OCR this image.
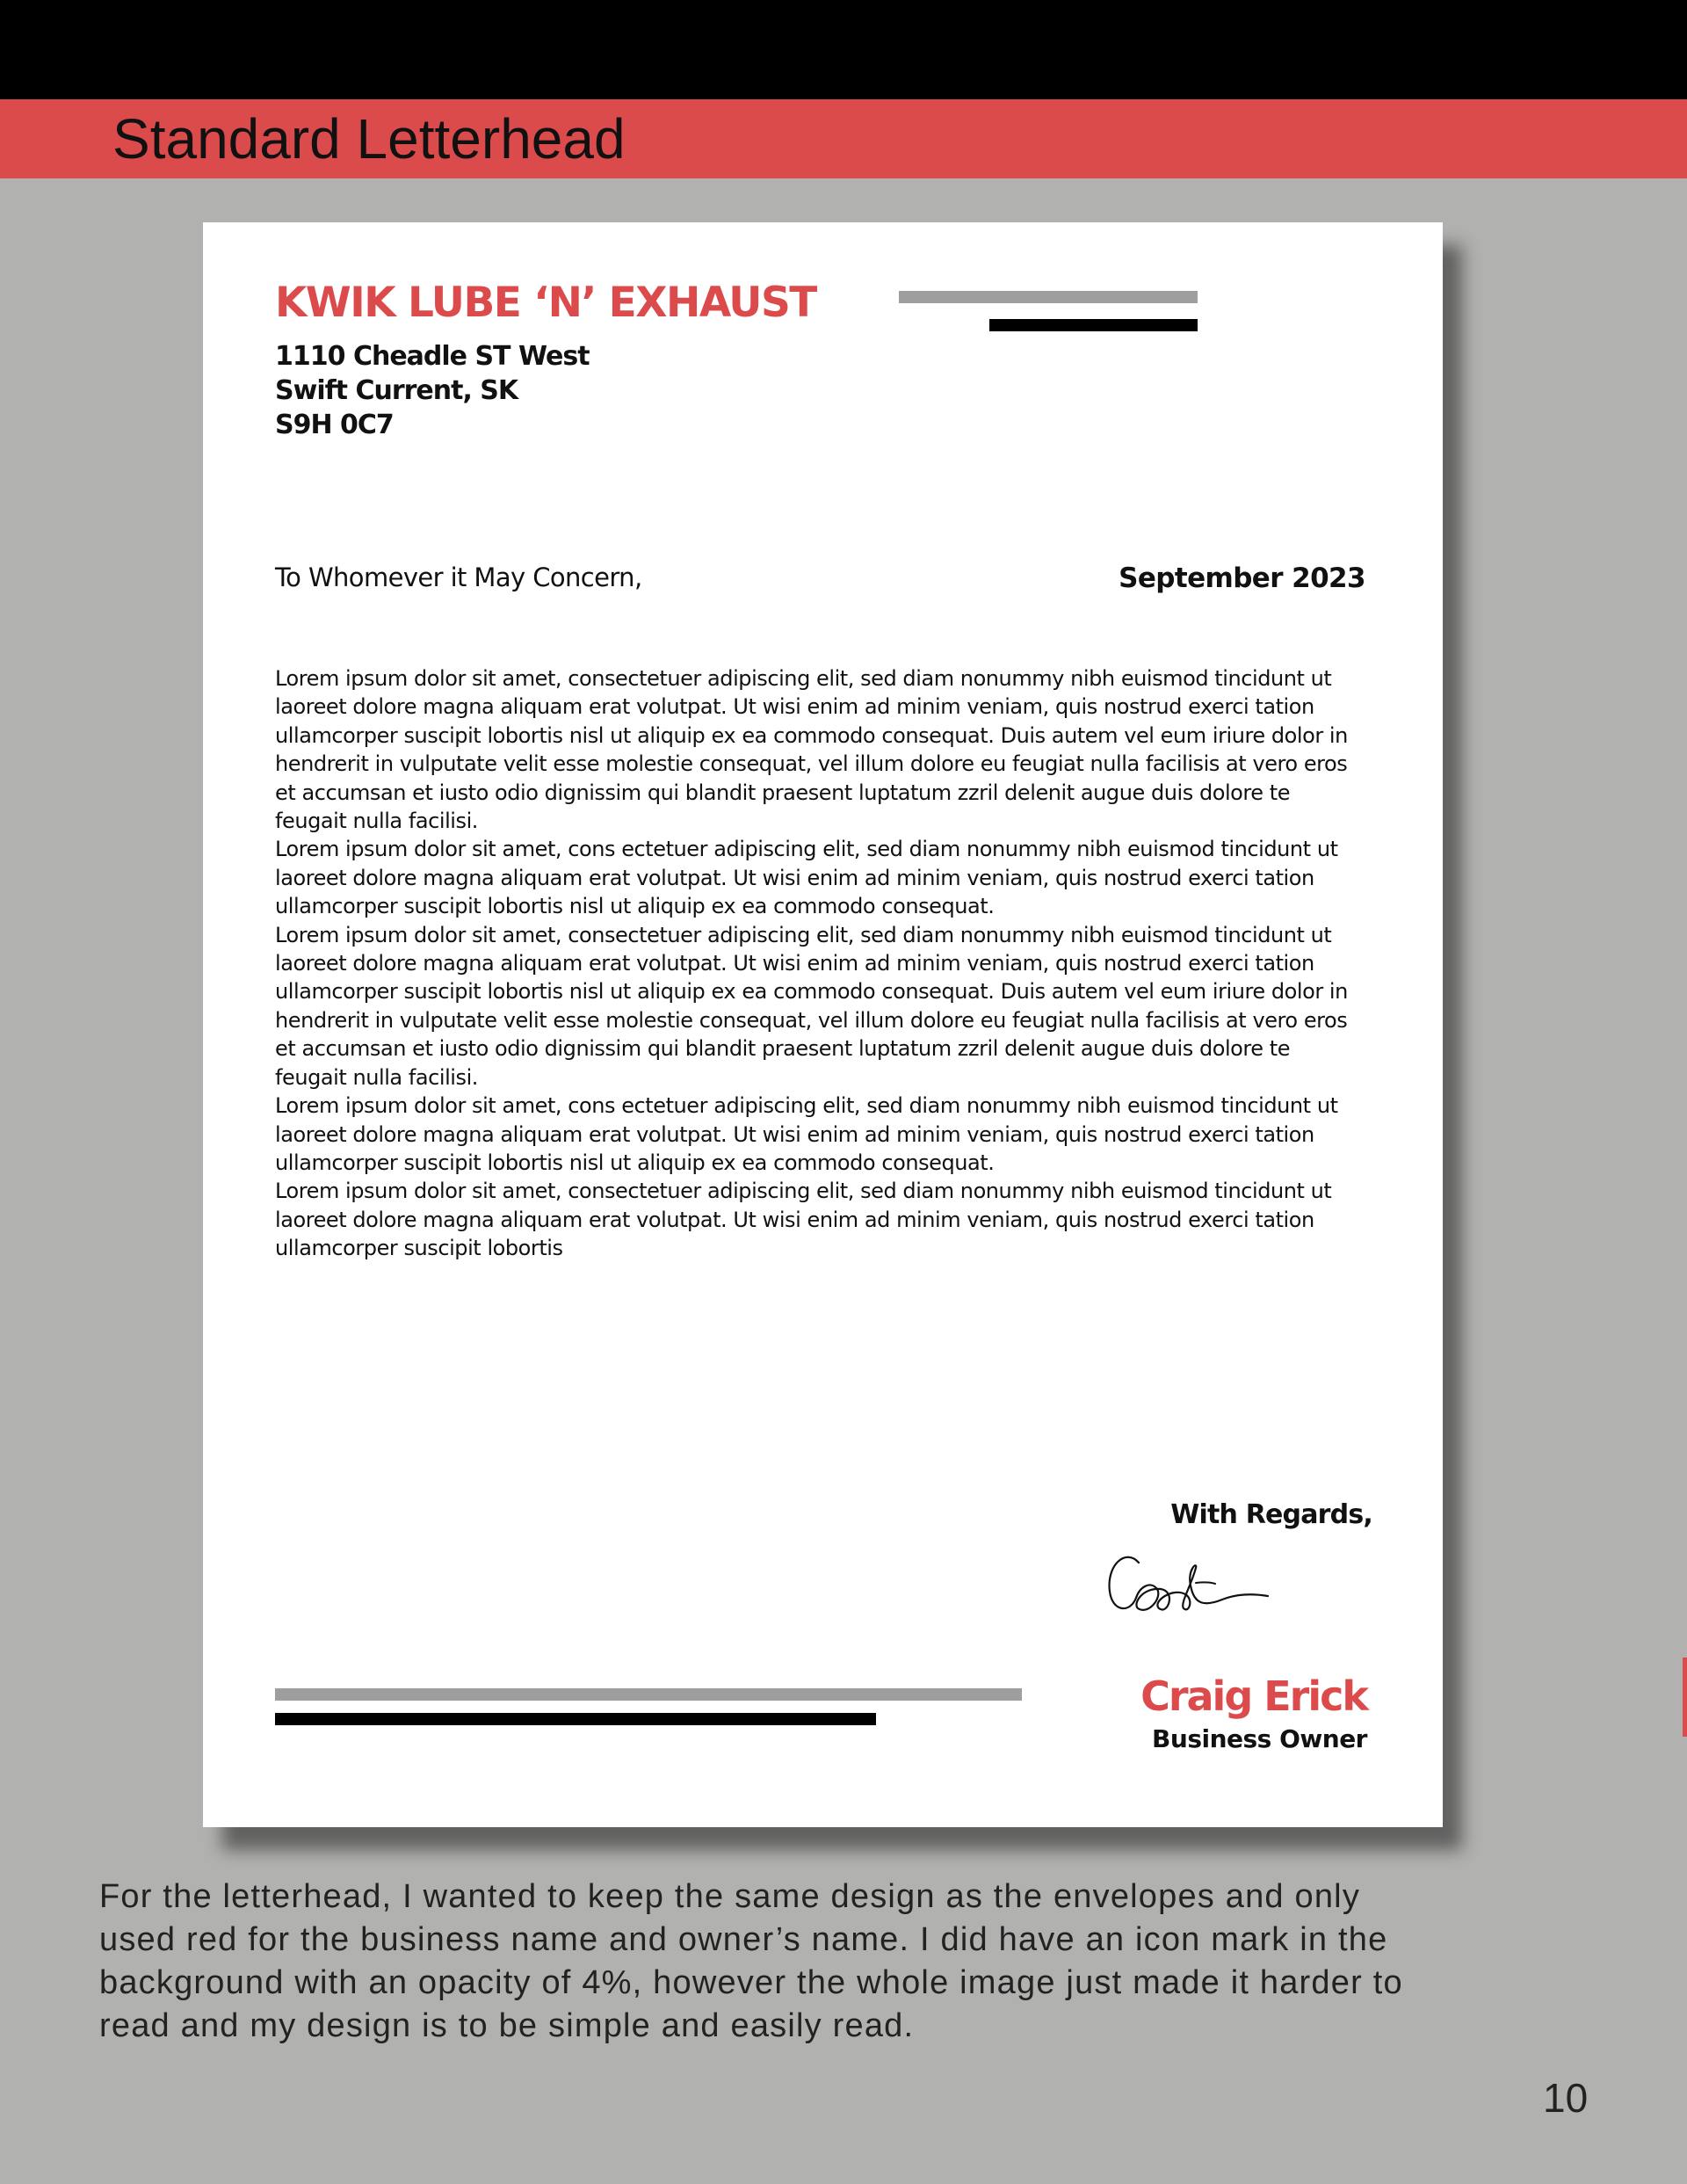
Standard Letterhead
KWIK LUBE ‘N’ EXHAUST
1110 Cheadle ST West
Swift Current, SK
S9H 0C7
To Whomever it May Concern,	September 2023
Lorem ipsum dolor sit amet, consectetuer adipiscing elit, sed diam nonummy nibh euismod tincidunt ut
laoreet dolore magna aliquam erat volutpat. Ut wisi enim ad minim veniam, quis nostrud exerci tation
ullamcorper suscipit lobortis nisl ut aliquip ex ea commodo consequat. Duis autem vel eum iriure dolor in
hendrerit in vulputate velit esse molestie consequat, vel illum dolore eu feugiat nulla facilisis at vero eros
et accumsan et iusto odio dignissim qui blandit praesent luptatum zzril delenit augue duis dolore te
feugait nulla facilisi.
Lorem ipsum dolor sit amet, cons ectetuer adipiscing elit, sed diam nonummy nibh euismod tincidunt ut
laoreet dolore magna aliquam erat volutpat. Ut wisi enim ad minim veniam, quis nostrud exerci tation
ullamcorper suscipit lobortis nisl ut aliquip ex ea commodo consequat.
Lorem ipsum dolor sit amet, consectetuer adipiscing elit, sed diam nonummy nibh euismod tincidunt ut
laoreet dolore magna aliquam erat volutpat. Ut wisi enim ad minim veniam, quis nostrud exerci tation
ullamcorper suscipit lobortis nisl ut aliquip ex ea commodo consequat. Duis autem vel eum iriure dolor in
hendrerit in vulputate velit esse molestie consequat, vel illum dolore eu feugiat nulla facilisis at vero eros
et accumsan et iusto odio dignissim qui blandit praesent luptatum zzril delenit augue duis dolore te
feugait nulla facilisi.
Lorem ipsum dolor sit amet, cons ectetuer adipiscing elit, sed diam nonummy nibh euismod tincidunt ut
laoreet dolore magna aliquam erat volutpat. Ut wisi enim ad minim veniam, quis nostrud exerci tation
ullamcorper suscipit lobortis nisl ut aliquip ex ea commodo consequat.
Lorem ipsum dolor sit amet, consectetuer adipiscing elit, sed diam nonummy nibh euismod tincidunt ut
laoreet dolore magna aliquam erat volutpat. Ut wisi enim ad minim veniam, quis nostrud exerci tation
ullamcorper suscipit lobortis
With Regards,
Craig Erick
Business Owner
For the letterhead, I wanted to keep the same design as the envelopes and only
used red for the business name and owner’s name. I did have an icon mark in the
background with an opacity of 4%, however the whole image just made it harder to
read and my design is to be simple and easily read.
10
